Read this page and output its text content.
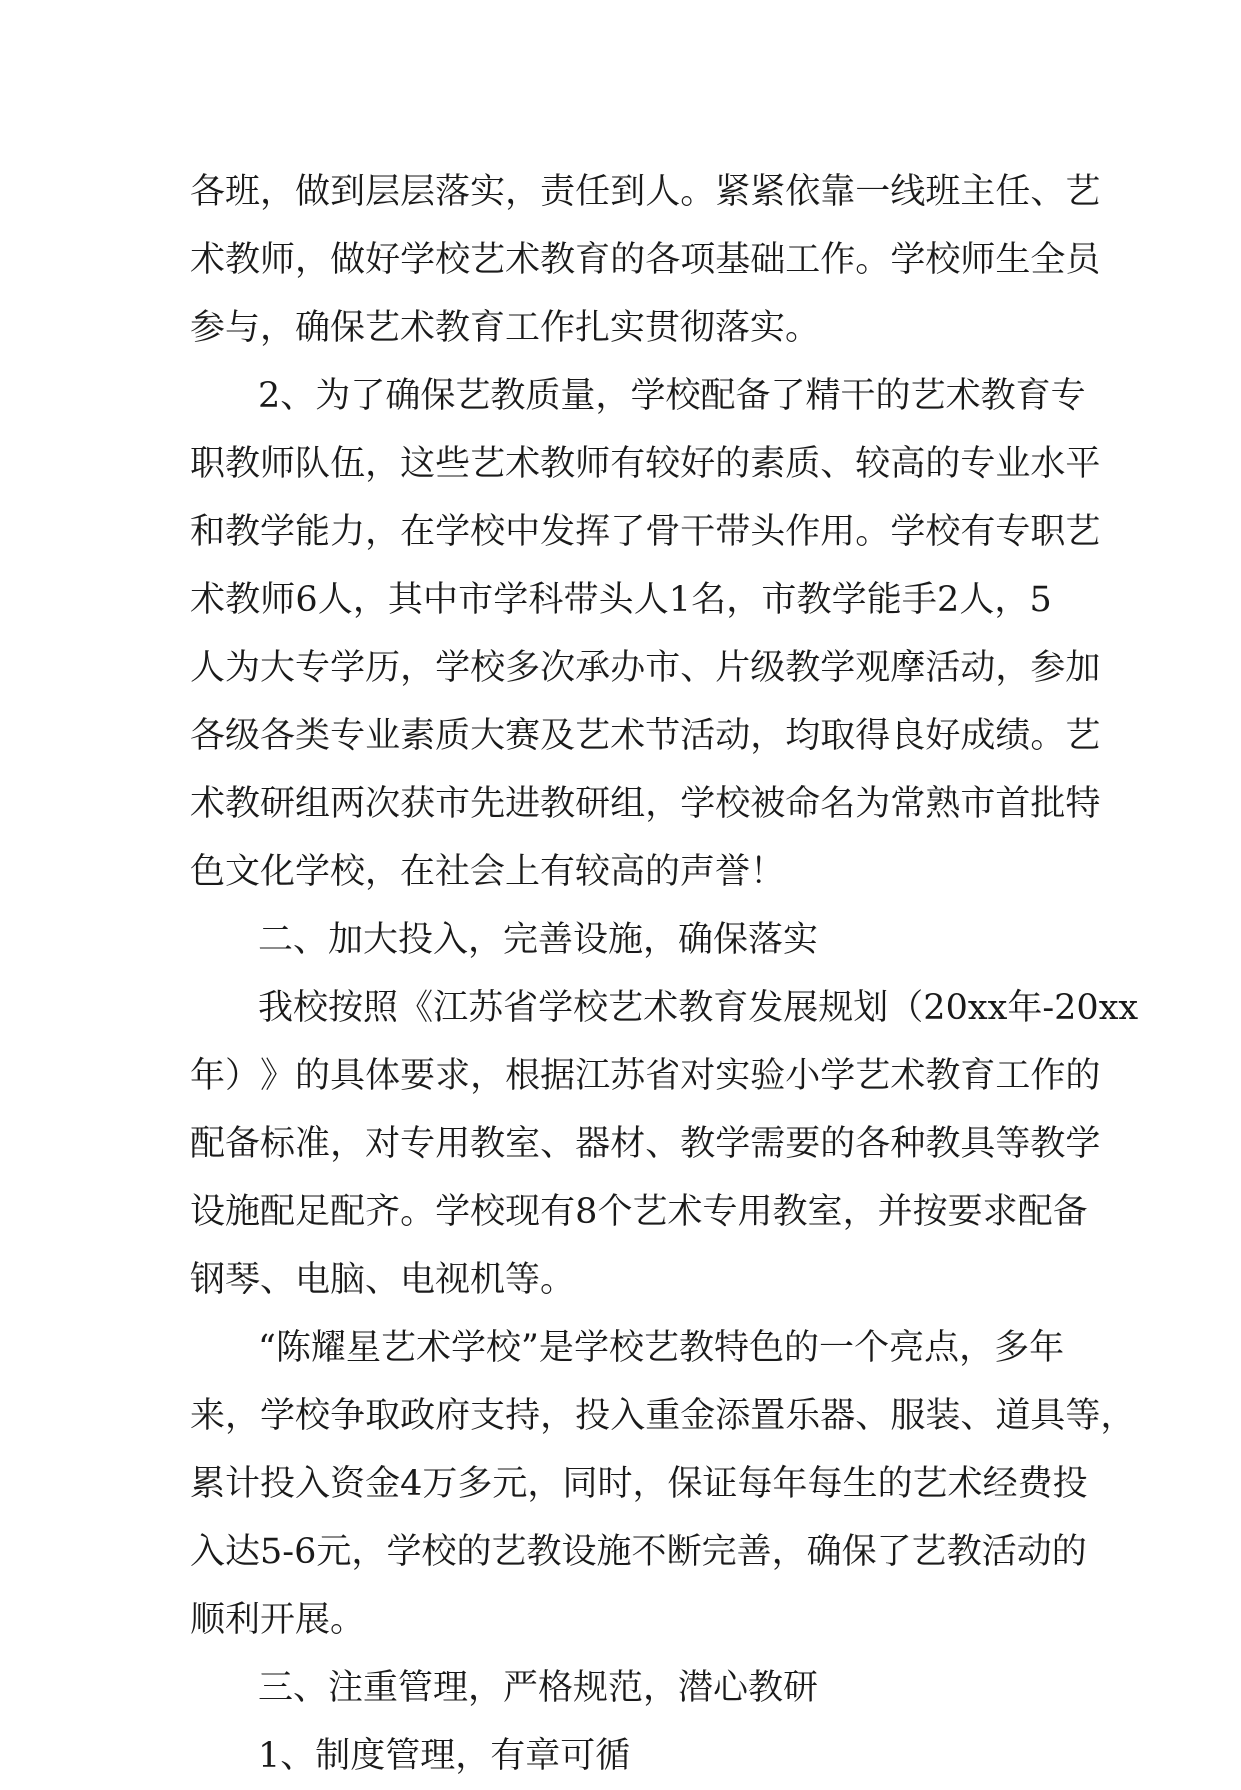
各 班 ， 做 到 层 层 落 实 ， 责 任 到 人 。 紧 紧 依 靠 一 线 班 主 任 、 艺
术 教 师 ， 做 好 学 校 艺 术 教 育 的 各 项 基 础 工 作 。 学 校 师 生 全 员
参与，确保艺术教育工作扎实贯彻落实。
2 、 为 了 确 保 艺 教 质 量 ， 学 校 配 备 了 精 干 的 艺 术 教 育 专
职 教 师 队 伍 ， 这 些 艺 术 教 师 有 较 好 的 素 质 、 较 高 的 专 业 水 平
和 教 学 能 力 ， 在 学 校 中 发 挥 了 骨 干 带 头 作 用 。 学 校 有 专 职 艺
术 教 师 6 人 ， 其 中 市 学 科 带 头 人 1 名 ， 市 教 学 能 手 2 人 ， 5
人 为 大 专 学 历 ， 学 校 多 次 承 办 市 、 片 级 教 学 观 摩 活 动 ， 参 加
各 级 各 类 专 业 素 质 大 赛 及 艺 术 节 活 动 ， 均 取 得 良 好 成 绩 。 艺
术 教 研 组 两 次 获 市 先 进 教 研 组 ， 学 校 被 命 名 为 常 熟 市 首 批 特
色文化学校，在社会上有较高的声誉！
二、加大投入，完善设施，确保落实
我 校 按 照 《 江 苏 省 学 校 艺 术 教 育 发 展 规 划 （ 20xx 年 -20xx
年 ） 》 的 具 体 要 求 ， 根 据 江 苏 省 对 实 验 小 学 艺 术 教 育 工 作 的
配 备 标 准 ， 对 专 用 教 室 、 器 材 、 教 学 需 要 的 各 种 教 具 等 教 学
设 施 配 足 配 齐 。 学 校 现 有 8 个 艺 术 专 用 教 室 ， 并 按 要 求 配 备
钢琴、电脑、电视机等。
“ 陈 耀 星 艺 术 学 校 ” 是 学 校 艺 教 特 色 的 一 个 亮 点 ， 多 年
来 ， 学 校 争 取 政 府 支 持 ， 投 入 重 金 添 置 乐 器 、 服 装 、 道 具 等 ，
累 计 投 入 资 金 4 万 多 元 ， 同 时 ， 保 证 每 年 每 生 的 艺 术 经 费 投
入 达 5-6 元 ， 学 校 的 艺 教 设 施 不 断 完 善 ， 确 保 了 艺 教 活 动 的
顺利开展。
三、注重管理，严格规范，潜心教研
1、制度管理，有章可循
